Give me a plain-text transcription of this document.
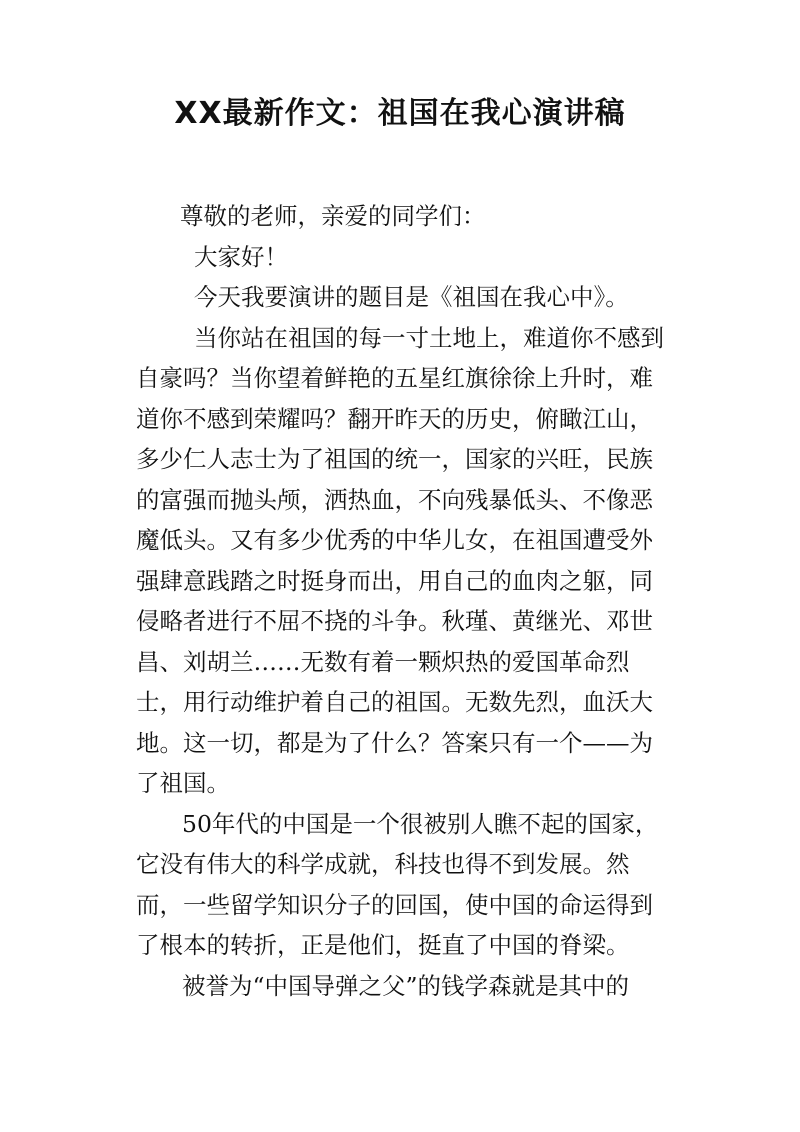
XX最新作文：祖国在我心演讲稿

尊敬的老师，亲爱的同学们：

大家好！

今天我要演讲的题目是《祖国在我心中》。

当你站在祖国的每一寸土地上，难道你不感到自豪吗？当你望着鲜艳的五星红旗徐徐上升时，难道你不感到荣耀吗？翻开昨天的历史，俯瞰江山，多少仁人志士为了祖国的统一，国家的兴旺，民族的富强而抛头颅，洒热血，不向残暴低头、不像恶魔低头。又有多少优秀的中华儿女，在祖国遭受外强肆意践踏之时挺身而出，用自己的血肉之躯，同侵略者进行不屈不挠的斗争。秋瑾、黄继光、邓世昌、刘胡兰……无数有着一颗炽热的爱国革命烈士，用行动维护着自己的祖国。无数先烈，血沃大地。这一切，都是为了什么？答案只有一个——为了祖国。

50年代的中国是一个很被别人瞧不起的国家，它没有伟大的科学成就，科技也得不到发展。然而，一些留学知识分子的回国，使中国的命运得到了根本的转折，正是他们，挺直了中国的脊梁。

被誉为“中国导弹之父”的钱学森就是其中的
